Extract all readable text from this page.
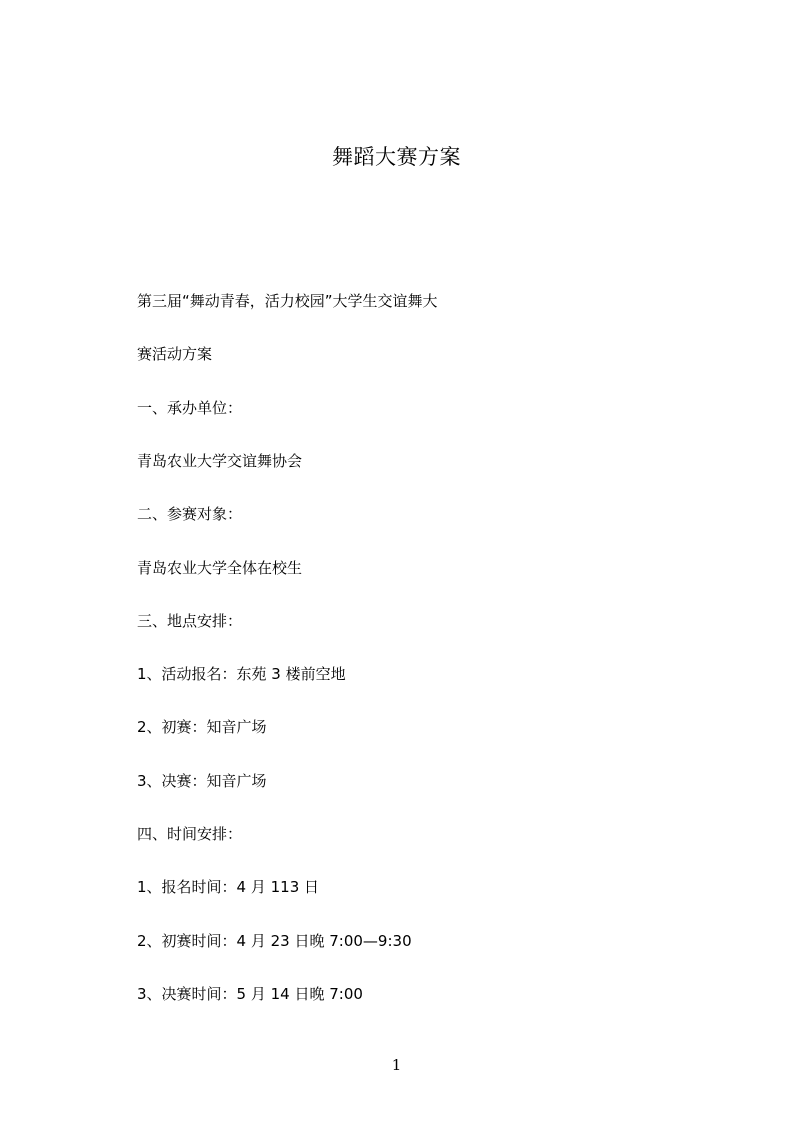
舞蹈大赛方案
第三届“舞动青春，活力校园”大学生交谊舞大
赛活动方案
一、承办单位：
青岛农业大学交谊舞协会
二、参赛对象：
青岛农业大学全体在校生
三、地点安排：
1、活动报名：东苑 3 楼前空地
2、初赛：知音广场
3、决赛：知音广场
四、时间安排：
1、报名时间：4 月 113 日
2、初赛时间：4 月 23 日晚 7:00—9:30
3、决赛时间：5 月 14 日晚 7:00
1
